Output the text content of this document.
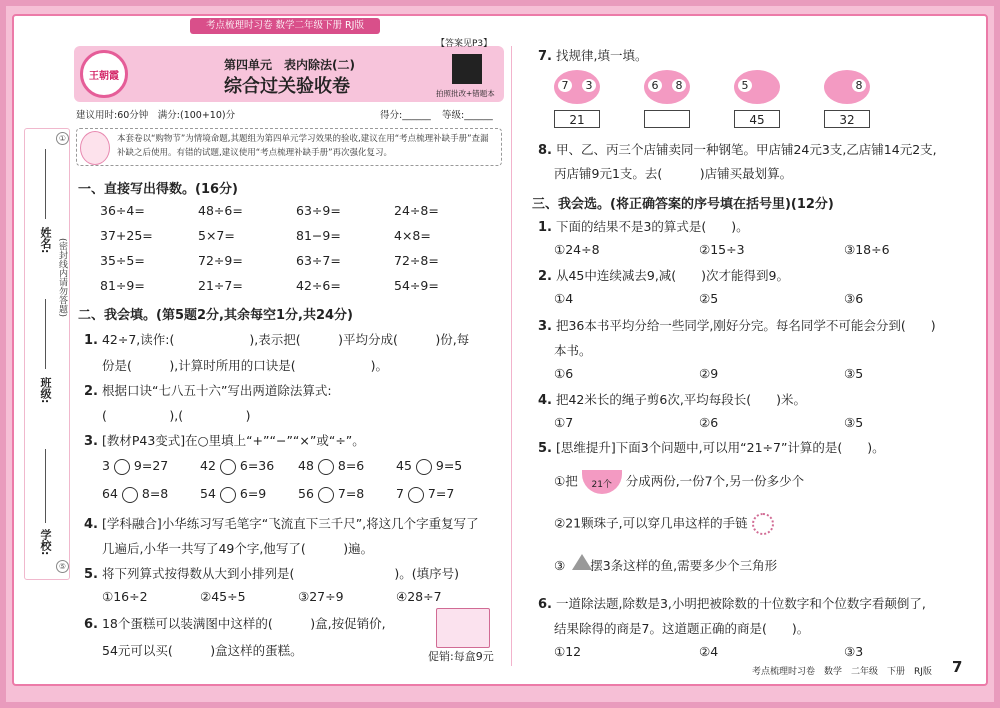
考点梳理时习卷 数学二年级下册 RJ版
姓名:
班级:
学校:
①
(密封线内请勿答题)
⑤
王朝霞
第四单元　表内除法(二)
综合过关验收卷	拍照批改+错题本
【答案见P3】
建议用时:60分钟　满分:(100+10)分	得分:______ 等级:______
本套卷以“购物节”为情境命题,其题组为第四单元学习效果的验收,建议在用“考点梳理补缺手册”查漏补缺之后使用。有错的试题,建议使用“考点梳理补缺手册”再次强化复习。
一、直接写出得数。(16分)
36÷4=	48÷6=	63÷9=	24÷8=
37+25=	5×7=	81−9=	4×8=
35÷5=	72÷9=	63÷7=	72÷8=
81÷9=	21÷7=	42÷6=	54÷9=
二、我会填。(第5题2分,其余每空1分,共24分)
1. 42÷7,读作:(　　　　　　),表示把(　　　)平均分成(　　　)份,每
份是(　　　),计算时所用的口诀是(　　　　　　)。
2. 根据口诀“七八五十六”写出两道除法算式:
(　　　　　),(　　　　　)
3. [教材P43变式]在○里填上“+”“−”“×”或“÷”。
3 9=27	42 6=36 48 8=6	45 9=5
64 8=8	54 6=9	56 7=8	7 7=7
4. [学科融合]小华练习写毛笔字“飞流直下三千尺”,将这几个字重复写了
几遍后,小华一共写了49个字,他写了(　　　)遍。
5. 将下列算式按得数从大到小排列是(　　　　　　　　)。(填序号)
①16÷2	②45÷5	③27÷9	④28÷7
6. 18个蛋糕可以装满图中这样的(　　　)盒,按促销价,
54元可以买(　　　)盒这样的蛋糕。	促销:每盒9元
7. 找规律,填一填。
7	3
21
6	8	5
45
8
32
8. 甲、乙、丙三个店铺卖同一种钢笔。甲店铺24元3支,乙店铺14元2支,
丙店铺9元1支。去(　　　)店铺买最划算。
三、我会选。(将正确答案的序号填在括号里)(12分)
1. 下面的结果不是3的算式是(　　)。
①24÷8	②15÷3	③18÷6
2. 从45中连续减去9,减(　　)次才能得到9。
①4	②5	③6
3. 把36本书平均分给一些同学,刚好分完。每名同学不可能会分到(　　)
本书。
①6	②9	③5
4. 把42米长的绳子剪6次,平均每段长(　　)米。
①7	②6	③5
5. [思维提升]下面3个问题中,可以用“21÷7”计算的是(　　)。
①把 21个 分成两份,一份7个,另一份多少个
②21颗珠子,可以穿几串这样的手链
③　　摆3条这样的鱼,需要多少个三角形
6. 一道除法题,除数是3,小明把被除数的十位数字和个位数字看颠倒了,
结果除得的商是7。这道题正确的商是(　　)。
①12	②4	③3
考点梳理时习卷　数学　二年级　下册　RJ版 7
